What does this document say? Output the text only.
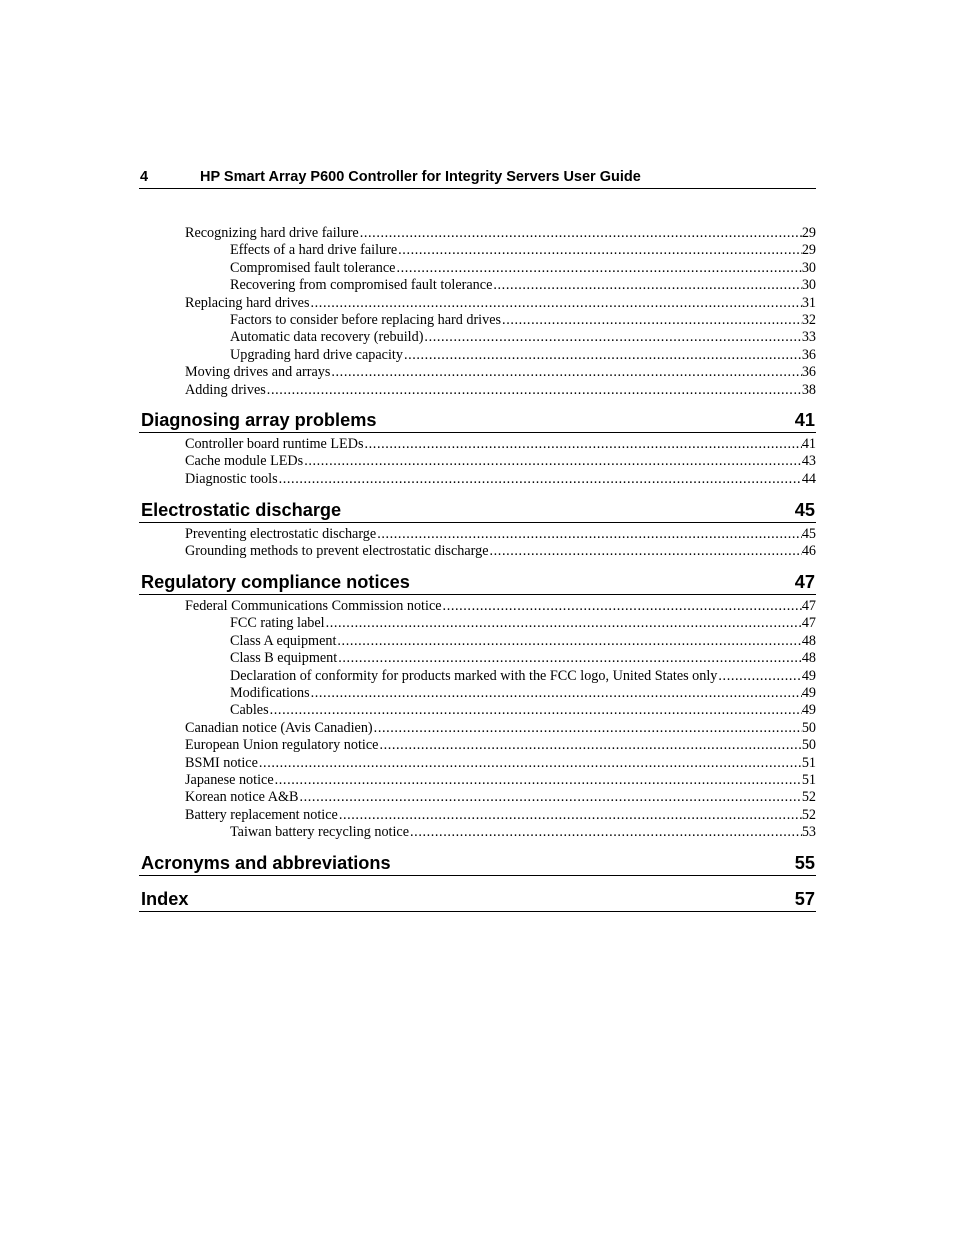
4	HP Smart Array P600 Controller for Integrity Servers User Guide
Recognizing hard drive failure .....	29
Effects of a hard drive failure .....	29
Compromised fault tolerance .....	30
Recovering from compromised fault tolerance .....	30
Replacing hard drives .....	31
Factors to consider before replacing hard drives .....	32
Automatic data recovery (rebuild) .....	33
Upgrading hard drive capacity .....	36
Moving drives and arrays .....	36
Adding drives .....	38
Diagnosing array problems	41
Controller board runtime LEDs .....	41
Cache module LEDs .....	43
Diagnostic tools .....	44
Electrostatic discharge	45
Preventing electrostatic discharge .....	45
Grounding methods to prevent electrostatic discharge .....	46
Regulatory compliance notices	47
Federal Communications Commission notice .....	47
FCC rating label .....	47
Class A equipment .....	48
Class B equipment .....	48
Declaration of conformity for products marked with the FCC logo, United States only .....	49
Modifications .....	49
Cables .....	49
Canadian notice (Avis Canadien) .....	50
European Union regulatory notice .....	50
BSMI notice .....	51
Japanese notice .....	51
Korean notice A&B .....	52
Battery replacement notice .....	52
Taiwan battery recycling notice .....	53
Acronyms and abbreviations	55
Index	57
